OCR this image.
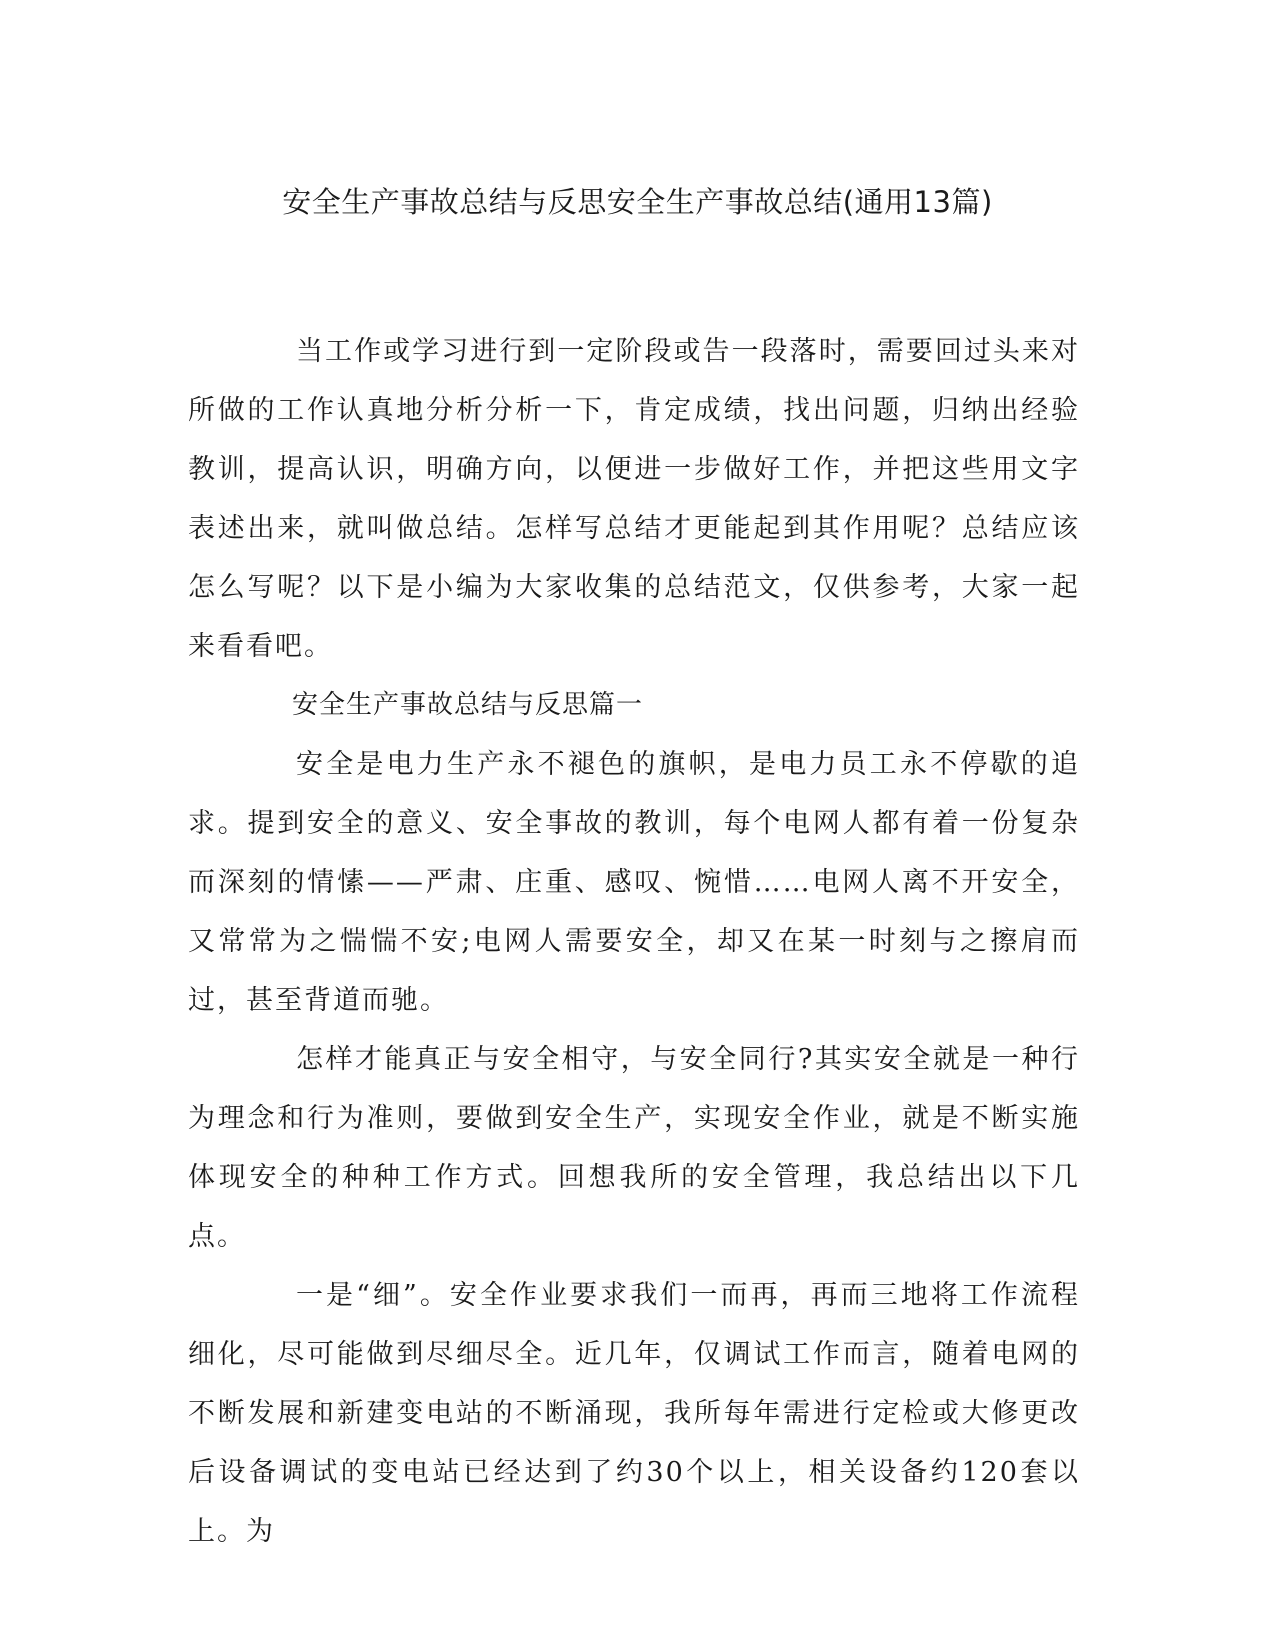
安全生产事故总结与反思安全生产事故总结(通用13篇)

当工作或学习进行到一定阶段或告一段落时，需要回过头来对所做的工作认真地分析分析一下，肯定成绩，找出问题，归纳出经验教训，提高认识，明确方向，以便进一步做好工作，并把这些用文字表述出来，就叫做总结。怎样写总结才更能起到其作用呢？总结应该怎么写呢？以下是小编为大家收集的总结范文，仅供参考，大家一起来看看吧。

安全生产事故总结与反思篇一

安全是电力生产永不褪色的旗帜，是电力员工永不停歇的追求。提到安全的意义、安全事故的教训，每个电网人都有着一份复杂而深刻的情愫——严肃、庄重、感叹、惋惜……电网人离不开安全，又常常为之惴惴不安;电网人需要安全，却又在某一时刻与之擦肩而过，甚至背道而驰。

怎样才能真正与安全相守，与安全同行?其实安全就是一种行为理念和行为准则，要做到安全生产，实现安全作业，就是不断实施体现安全的种种工作方式。回想我所的安全管理，我总结出以下几点。

一是“细”。安全作业要求我们一而再，再而三地将工作流程细化，尽可能做到尽细尽全。近几年，仅调试工作而言，随着电网的不断发展和新建变电站的不断涌现，我所每年需进行定检或大修更改后设备调试的变电站已经达到了约30个以上，相关设备约120套以上。为
